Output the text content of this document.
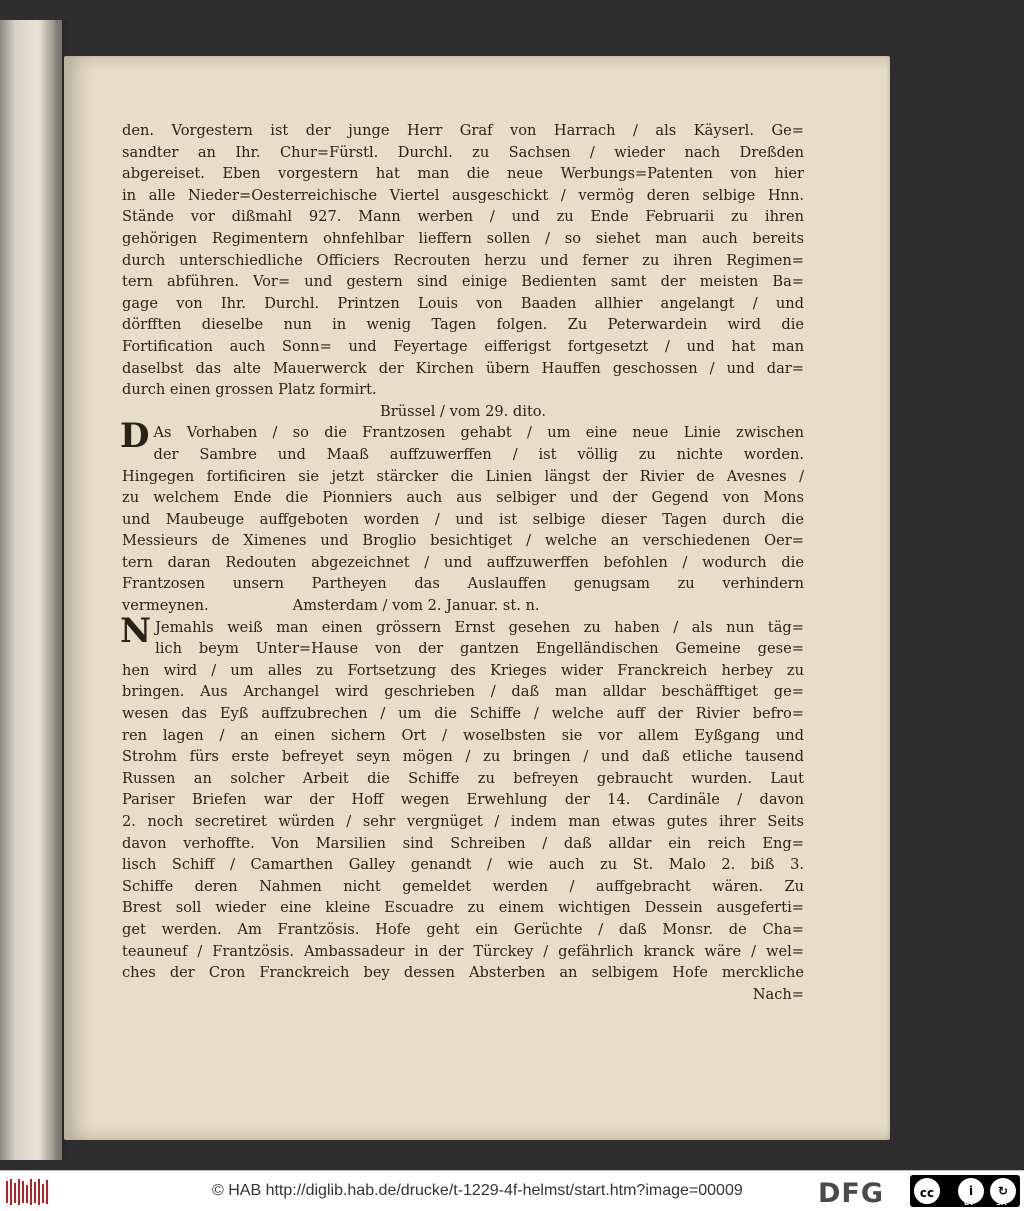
den. Vorgestern ist der junge Herr Graf von Harrach / als Käyserl. Ge=
sandter an Ihr. Chur=Fürstl. Durchl. zu Sachsen / wieder nach Dreßden
abgereiset. Eben vorgestern hat man die neue Werbungs=Patenten von hier
in alle Nieder=Oesterreichische Viertel ausgeschickt / vermög deren selbige Hnn.
Stände vor dißmahl 927. Mann werben / und zu Ende Februarii zu ihren
gehörigen Regimentern ohnfehlbar lieffern sollen / so siehet man auch bereits
durch unterschiedliche Officiers Recrouten herzu und ferner zu ihren Regimen=
tern abführen. Vor= und gestern sind einige Bedienten samt der meisten Ba=
gage von Ihr. Durchl. Printzen Louis von Baaden allhier angelangt / und
dörfften dieselbe nun in wenig Tagen folgen. Zu Peterwardein wird die
Fortification auch Sonn= und Feyertage eifferigst fortgesetzt / und hat man
daselbst das alte Mauerwerck der Kirchen übern Hauffen geschossen / und dar=
durch einen grossen Platz formirt.
Brüssel / vom 29. dito.
D As Vorhaben / so die Frantzosen gehabt / um eine neue Linie zwischen
der Sambre und Maaß auffzuwerffen / ist völlig zu nichte worden.
Hingegen fortificiren sie jetzt stärcker die Linien längst der Rivier de Avesnes /
zu welchem Ende die Pionniers auch aus selbiger und der Gegend von Mons
und Maubeuge auffgeboten worden / und ist selbige dieser Tagen durch die
Messieurs de Ximenes und Broglio besichtiget / welche an verschiedenen Oer=
tern daran Redouten abgezeichnet / und auffzuwerffen befohlen / wodurch die
Frantzosen unsern Partheyen das Auslauffen genugsam zu verhindern
vermeynen.	Amsterdam / vom 2. Januar. st. n.
N Jemahls weiß man einen grössern Ernst gesehen zu haben / als nun täg=
lich beym Unter=Hause von der gantzen Engelländischen Gemeine gese=
hen wird / um alles zu Fortsetzung des Krieges wider Franckreich herbey zu
bringen. Aus Archangel wird geschrieben / daß man alldar beschäfftiget ge=
wesen das Eyß auffzubrechen / um die Schiffe / welche auff der Rivier befro=
ren lagen / an einen sichern Ort / woselbsten sie vor allem Eyßgang und
Strohm fürs erste befreyet seyn mögen / zu bringen / und daß etliche tausend
Russen an solcher Arbeit die Schiffe zu befreyen gebraucht wurden. Laut
Pariser Briefen war der Hoff wegen Erwehlung der 14. Cardinäle / davon
2. noch secretiret würden / sehr vergnüget / indem man etwas gutes ihrer Seits
davon verhoffte. Von Marsilien sind Schreiben / daß alldar ein reich Eng=
lisch Schiff / Camarthen Galley genandt / wie auch zu St. Malo 2. biß 3.
Schiffe deren Nahmen nicht gemeldet werden / auffgebracht wären. Zu
Brest soll wieder eine kleine Escuadre zu einem wichtigen Dessein ausgeferti=
get werden. Am Frantzösis. Hofe geht ein Gerüchte / daß Monsr. de Cha=
teauneuf / Frantzösis. Ambassadeur in der Türckey / gefährlich kranck wäre / wel=
ches der Cron Franckreich bey dessen Absterben an selbigem Hofe merckliche
Nach=
© HAB http://diglib.hab.de/drucke/t-1229-4f-helmst/start.htm?image=00009	DFG	cc	i	↻
BY	SA
